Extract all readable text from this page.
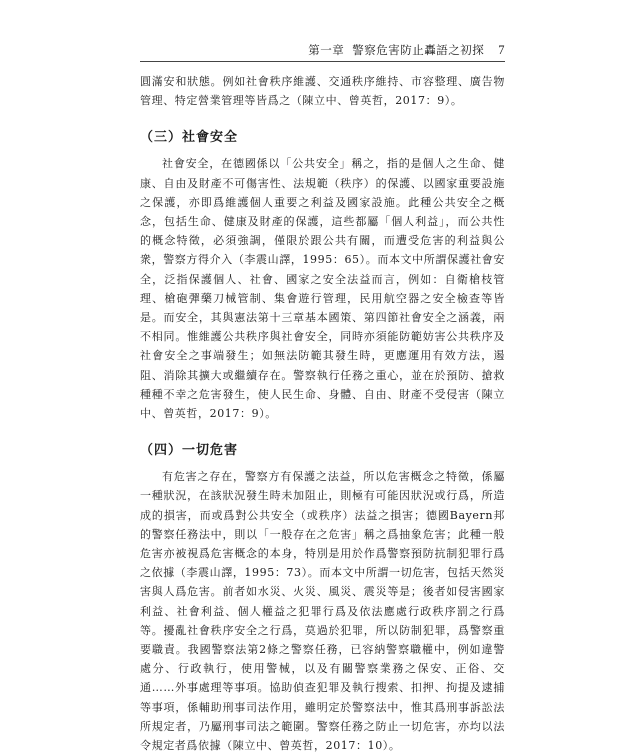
第一章 警察危害防止轟語之初探 7

圓滿安和狀態。例如社會秩序維護、交通秩序維持、市容整理、廣告物管理、特定營業管理等皆爲之（陳立中、曾英哲，2017：9）。

（三）社會安全

社會安全，在德國係以「公共安全」稱之，指的是個人之生命、健康、自由及財產不可傷害性、法規範（秩序）的保護、以國家重要設施之保護，亦即爲維護個人重要之利益及國家設施。此種公共安全之概念，包括生命、健康及財產的保護，這些都屬「個人利益」，而公共性的概念特徵，必須強調，僅限於跟公共有關，而遭受危害的利益與公衆，警察方得介入（李震山譯，1995：65）。而本文中所謂保護社會安全，泛指保護個人、社會、國家之安全法益而言，例如：自衛槍枝管理、槍砲彈藥刀械管制、集會遊行管理，民用航空器之安全檢查等皆是。而安全，其與憲法第十三章基本國策、第四節社會安全之涵義，兩不相同。惟維護公共秩序與社會安全，同時亦須能防範妨害公共秩序及社會安全之事端發生；如無法防範其發生時，更應運用有效方法，遏阻、消除其擴大或繼續存在。警察執行任務之重心，並在於預防、搶救種種不幸之危害發生，使人民生命、身體、自由、財產不受侵害（陳立中、曾英哲，2017：9）。

（四）一切危害

有危害之存在，警察方有保護之法益，所以危害概念之特徵，係屬一種狀況，在該狀況發生時未加阻止，則極有可能因狀況或行爲，所造成的損害，而或爲對公共安全（或秩序）法益之損害；德國Bayern邦的警察任務法中，則以「一般存在之危害」稱之爲抽象危害；此種一般危害亦被視爲危害概念的本身，特別是用於作爲警察預防抗制犯罪行爲之依據（李震山譯，1995：73）。而本文中所謂一切危害，包括天然災害與人爲危害。前者如水災、火災、風災、震災等是；後者如侵害國家利益、社會利益、個人權益之犯罪行爲及依法應處行政秩序罰之行爲等。擾亂社會秩序安全之行爲，莫過於犯罪，所以防制犯罪，爲警察重要職責。我國警察法第2條之警察任務，已容納警察職權中，例如違警處分、行政執行，使用警械，以及有關警察業務之保安、正俗、交通……外事處理等事項。協助偵查犯罪及執行搜索、扣押、拘提及逮捕等事項，係輔助刑事司法作用，雖明定於警察法中，惟其爲刑事訴訟法所規定者，乃屬刑事司法之範圍。警察任務之防止一切危害，亦均以法令規定者爲依據（陳立中、曾英哲，2017：10）。
